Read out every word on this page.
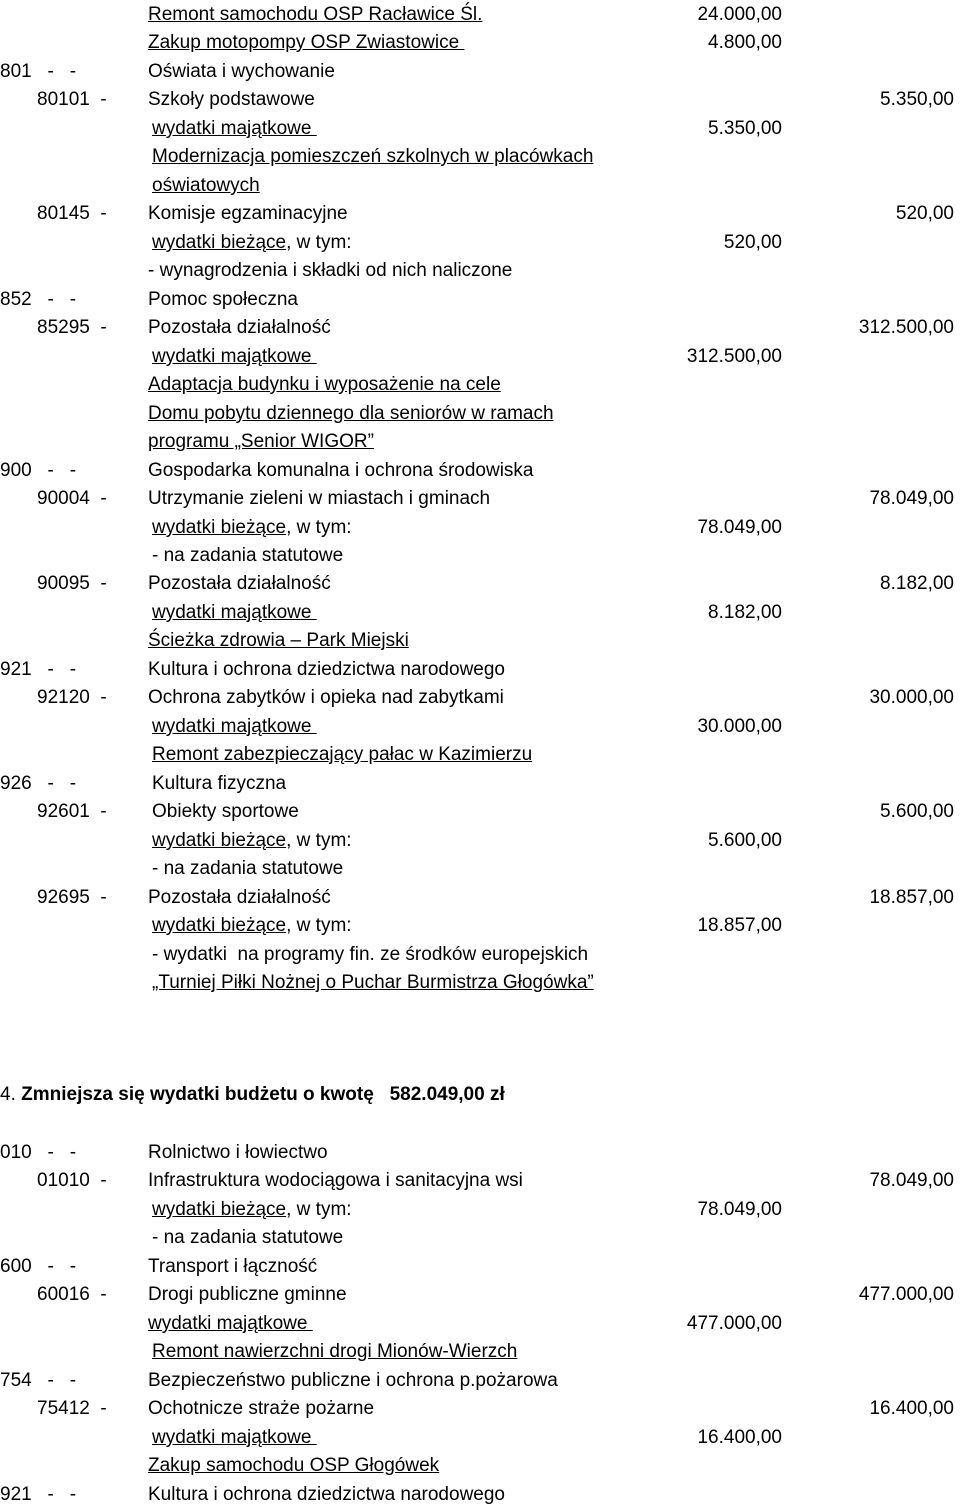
Remont samochodu OSP Racławice Śl.	24.000,00
Zakup motopompy OSP Zwiastowice	4.800,00
801   -   -	Oświata i wychowanie
80101  - Szkoły podstawowe	5.350,00
wydatki majątkowe	5.350,00
Modernizacja pomieszczeń szkolnych w placówkach
oświatowych
80145  - Komisje egzaminacyjne	520,00
wydatki bieżące, w tym:	520,00
- wynagrodzenia i składki od nich naliczone
852   -   -	Pomoc społeczna
85295  - Pozostała działalność	312.500,00
wydatki majątkowe	312.500,00
Adaptacja budynku i wyposażenie na cele
Domu pobytu dziennego dla seniorów w ramach
programu „Senior WIGOR”
900   -   -	Gospodarka komunalna i ochrona środowiska
90004  - Utrzymanie zieleni w miastach i gminach	78.049,00
wydatki bieżące, w tym:	78.049,00
- na zadania statutowe
90095  - Pozostała działalność	8.182,00
wydatki majątkowe	8.182,00
Ścieżka zdrowia – Park Miejski
921   -   -	Kultura i ochrona dziedzictwa narodowego
92120  - Ochrona zabytków i opieka nad zabytkami	30.000,00
wydatki majątkowe	30.000,00
Remont zabezpieczający pałac w Kazimierzu
926   -   -	Kultura fizyczna
92601  - Obiekty sportowe	5.600,00
wydatki bieżące, w tym:	5.600,00
- na zadania statutowe
92695  - Pozostała działalność	18.857,00
wydatki bieżące, w tym:	18.857,00
- wydatki  na programy fin. ze środków europejskich
„Turniej Piłki Nożnej o Puchar Burmistrza Głogówka”
4. Zmniejsza się wydatki budżetu o kwotę   582.049,00 zł
010   -   -	Rolnictwo i łowiectwo
01010  - Infrastruktura wodociągowa i sanitacyjna wsi	78.049,00
wydatki bieżące, w tym:	78.049,00
- na zadania statutowe
600   -   -	Transport i łączność
60016  - Drogi publiczne gminne	477.000,00
wydatki majątkowe	477.000,00
Remont nawierzchni drogi Mionów-Wierzch
754   -   -	Bezpieczeństwo publiczne i ochrona p.pożarowa
75412  - Ochotnicze straże pożarne	16.400,00
wydatki majątkowe	16.400,00
Zakup samochodu OSP Głogówek
921   -   -	Kultura i ochrona dziedzictwa narodowego
